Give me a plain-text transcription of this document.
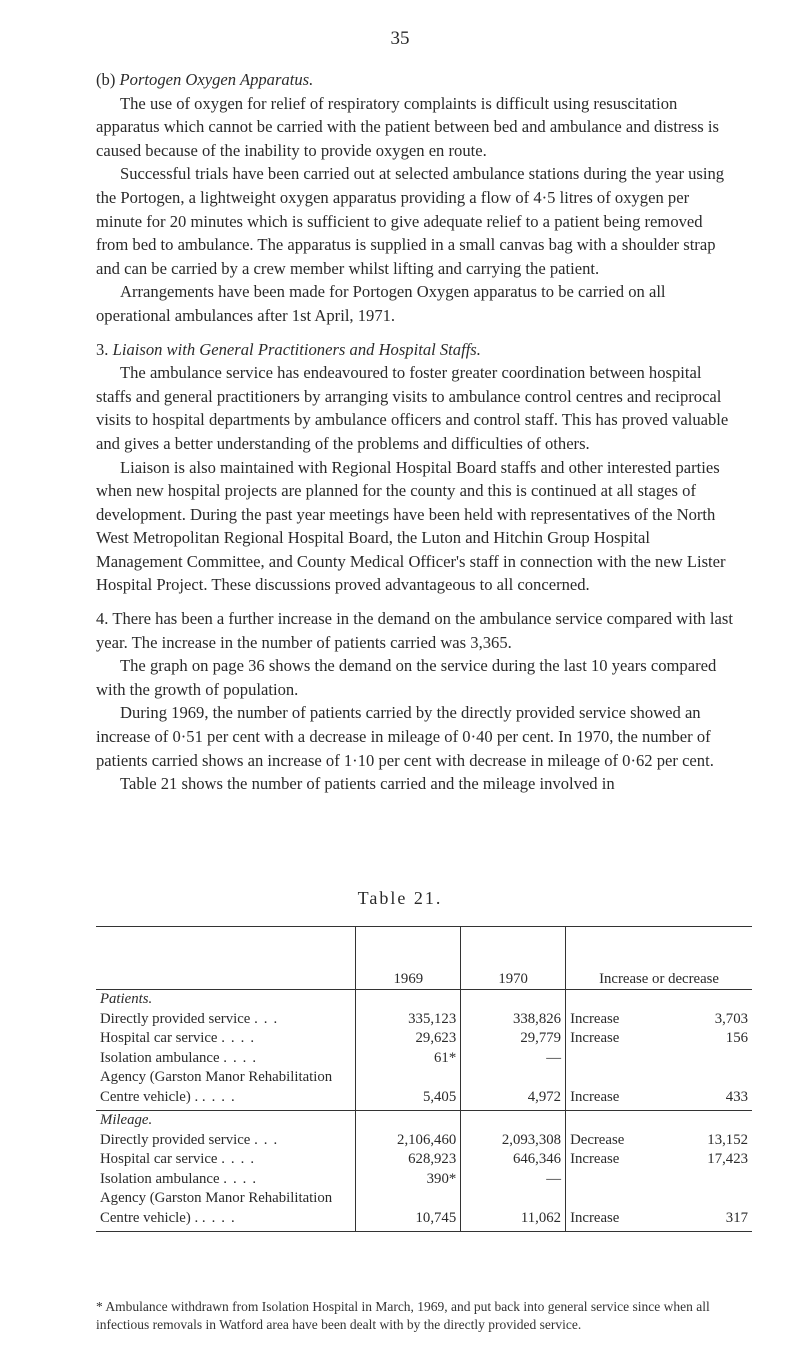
35

(b) Portogen Oxygen Apparatus.

The use of oxygen for relief of respiratory complaints is difficult using resuscitation apparatus which cannot be carried with the patient between bed and ambulance and distress is caused because of the inability to provide oxygen en route.

Successful trials have been carried out at selected ambulance stations during the year using the Portogen, a lightweight oxygen apparatus providing a flow of 4·5 litres of oxygen per minute for 20 minutes which is sufficient to give adequate relief to a patient being removed from bed to ambulance. The apparatus is supplied in a small canvas bag with a shoulder strap and can be carried by a crew member whilst lifting and carrying the patient.

Arrangements have been made for Portogen Oxygen apparatus to be carried on all operational ambulances after 1st April, 1971.

3. Liaison with General Practitioners and Hospital Staffs.

The ambulance service has endeavoured to foster greater coordination between hospital staffs and general practitioners by arranging visits to ambulance control centres and reciprocal visits to hospital departments by ambulance officers and control staff. This has proved valuable and gives a better understanding of the problems and difficulties of others.

Liaison is also maintained with Regional Hospital Board staffs and other interested parties when new hospital projects are planned for the county and this is continued at all stages of development. During the past year meetings have been held with representatives of the North West Metropolitan Regional Hospital Board, the Luton and Hitchin Group Hospital Management Committee, and County Medical Officer's staff in connection with the new Lister Hospital Project. These discussions proved advantageous to all concerned.

4. There has been a further increase in the demand on the ambulance service compared with last year. The increase in the number of patients carried was 3,365.

The graph on page 36 shows the demand on the service during the last 10 years compared with the growth of population.

During 1969, the number of patients carried by the directly provided service showed an increase of 0·51 per cent with a decrease in mileage of 0·40 per cent. In 1970, the number of patients carried shows an increase of 1·10 per cent with decrease in mileage of 0·62 per cent.

Table 21 shows the number of patients carried and the mileage involved in

Table 21.
	1969	1970	Increase or decrease	
Patients.				
Directly provided service ...	335,123	338,826	Increase	3,703
Hospital car service ....	29,623	29,779	Increase	156
Isolation ambulance ....	61*	—		
Agency (Garston Manor Rehabilitation
Centre vehicle) . ....	5,405	4,972	Increase	433
Mileage.				
Directly provided service ...	2,106,460	2,093,308	Decrease	13,152
Hospital car service ....	628,923	646,346	Increase	17,423
Isolation ambulance ....	390*	—		
Agency (Garston Manor Rehabilitation
Centre vehicle) . ....	10,745	11,062	Increase	317
* Ambulance withdrawn from Isolation Hospital in March, 1969, and put back into general service since when all infectious removals in Watford area have been dealt with by the directly provided service.
